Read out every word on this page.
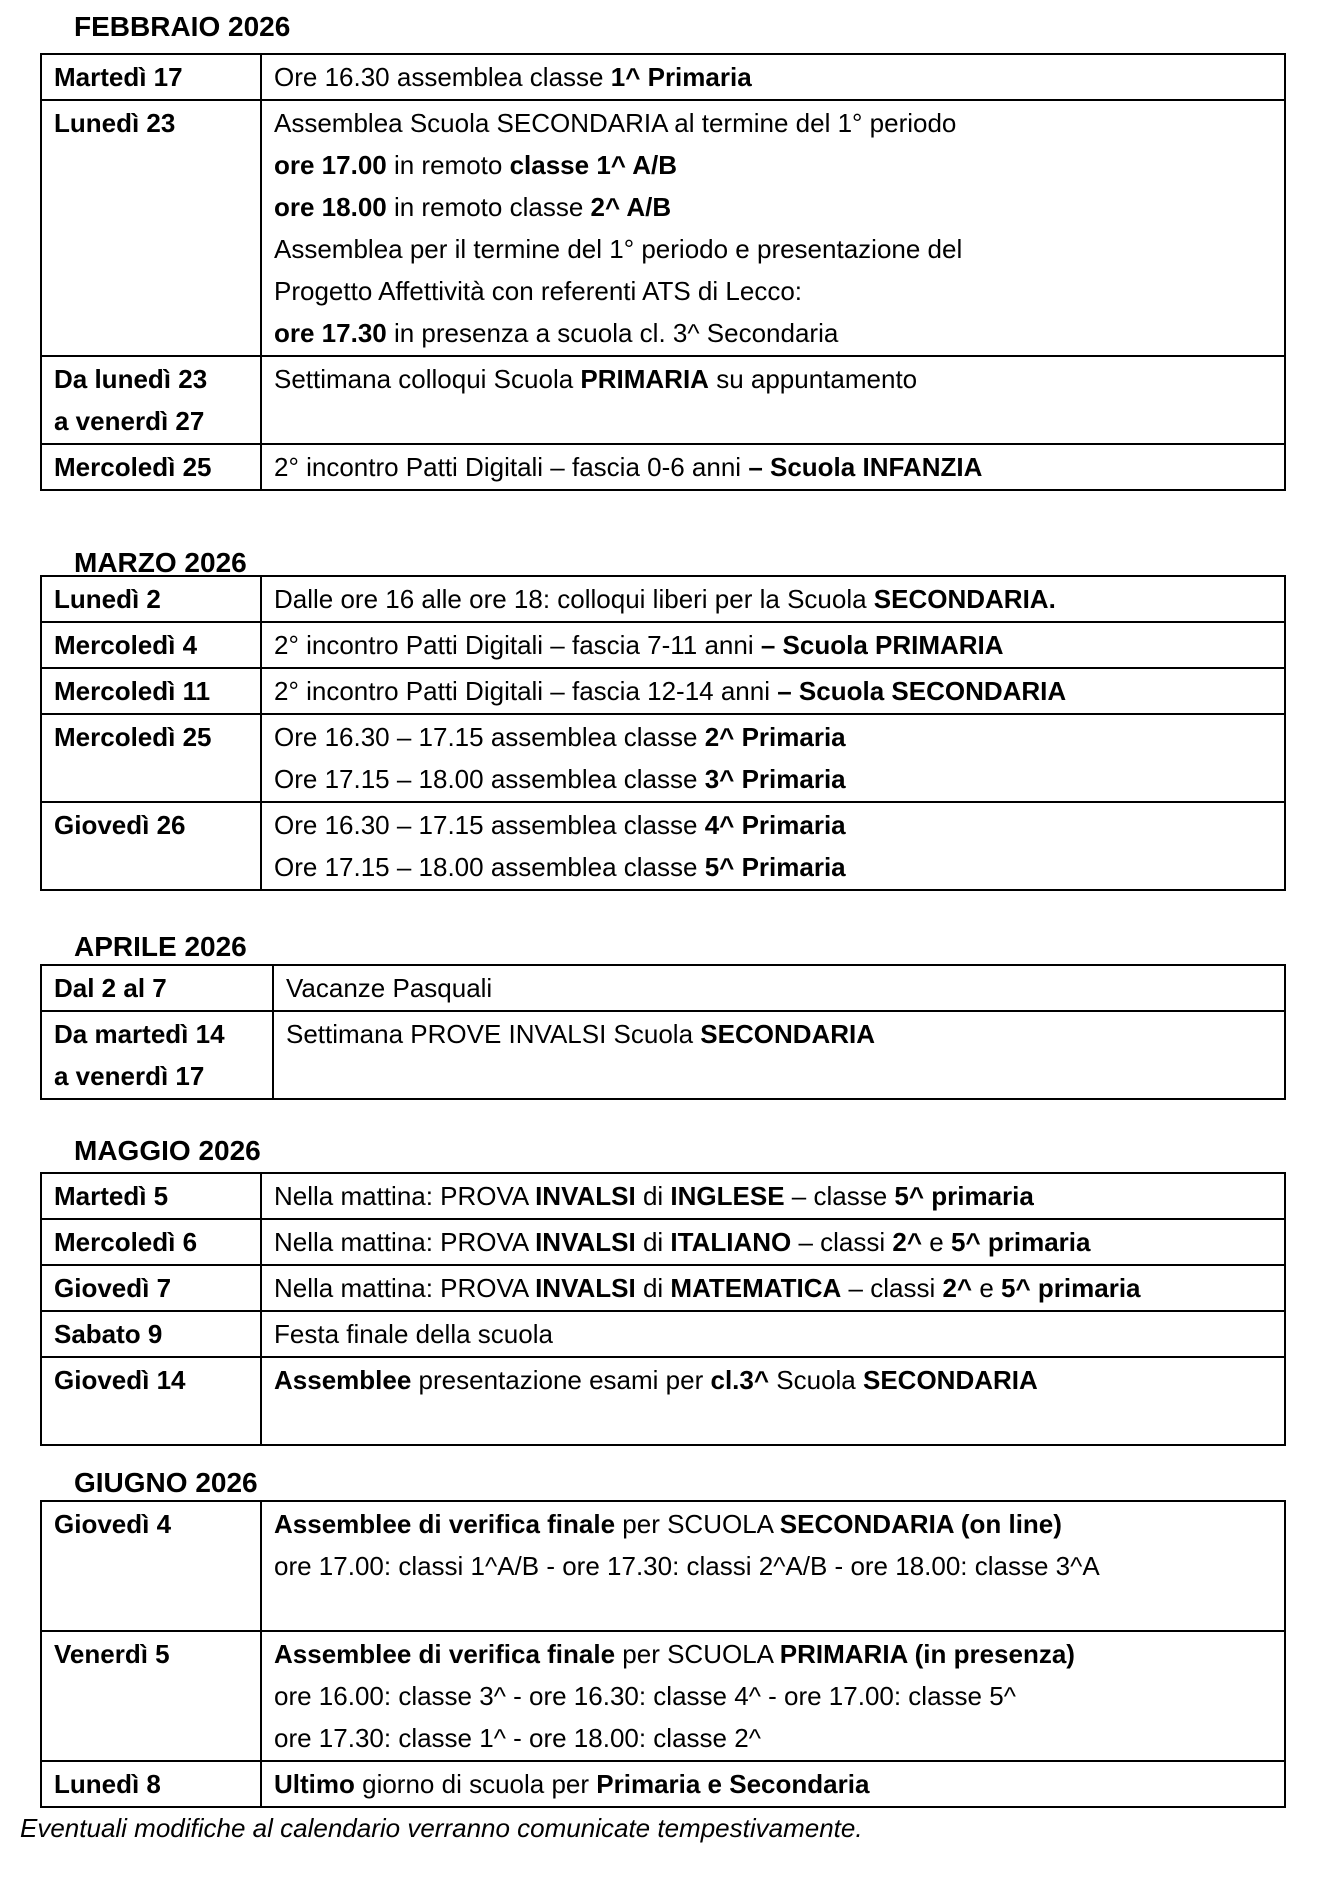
FEBBRAIO 2026
Martedì 17	Ore 16.30 assemblea classe 1^ Primaria

Lunedì 23	Assemblea Scuola SECONDARIA al termine del 1° periodo
ore 17.00 in remoto classe 1^ A/B
ore 18.00 in remoto classe 2^ A/B
Assemblea per il termine del 1° periodo e presentazione del
Progetto Affettività con referenti ATS di Lecco:
ore 17.30 in presenza a scuola cl. 3^ Secondaria

Da lunedì 23
a venerdì 27	Settimana colloqui Scuola PRIMARIA su appuntamento

Mercoledì 25	2° incontro Patti Digitali – fascia 0-6 anni – Scuola INFANZIA
MARZO 2026
Lunedì 2	Dalle ore 16 alle ore 18: colloqui liberi per la Scuola SECONDARIA.

Mercoledì 4	2° incontro Patti Digitali – fascia 7-11 anni – Scuola PRIMARIA

Mercoledì 11	2° incontro Patti Digitali – fascia 12-14 anni – Scuola SECONDARIA

Mercoledì 25	Ore 16.30 – 17.15 assemblea classe 2^ Primaria
Ore 17.15 – 18.00 assemblea classe 3^ Primaria

Giovedì 26	Ore 16.30 – 17.15 assemblea classe 4^ Primaria
Ore 17.15 – 18.00 assemblea classe 5^ Primaria
APRILE 2026
Dal 2 al 7	Vacanze Pasquali

Da martedì 14
a venerdì 17	Settimana PROVE INVALSI Scuola SECONDARIA
MAGGIO 2026
Martedì 5	Nella mattina: PROVA INVALSI di INGLESE – classe 5^ primaria

Mercoledì 6	Nella mattina: PROVA INVALSI di ITALIANO – classi 2^ e 5^ primaria

Giovedì 7	Nella mattina: PROVA INVALSI di MATEMATICA – classi 2^ e 5^ primaria

Sabato 9	Festa finale della scuola

Giovedì 14	Assemblee presentazione esami per cl.3^ Scuola SECONDARIA
GIUGNO 2026
Giovedì 4	Assemblee di verifica finale per SCUOLA SECONDARIA (on line)
ore 17.00: classi 1^A/B - ore 17.30: classi 2^A/B - ore 18.00: classe 3^A

Venerdì 5	Assemblee di verifica finale per SCUOLA PRIMARIA (in presenza)
ore 16.00: classe 3^ - ore 16.30: classe 4^ - ore 17.00: classe 5^
ore 17.30: classe 1^ - ore 18.00: classe 2^

Lunedì 8	Ultimo giorno di scuola per Primaria e Secondaria
Eventuali modifiche al calendario verranno comunicate tempestivamente.
